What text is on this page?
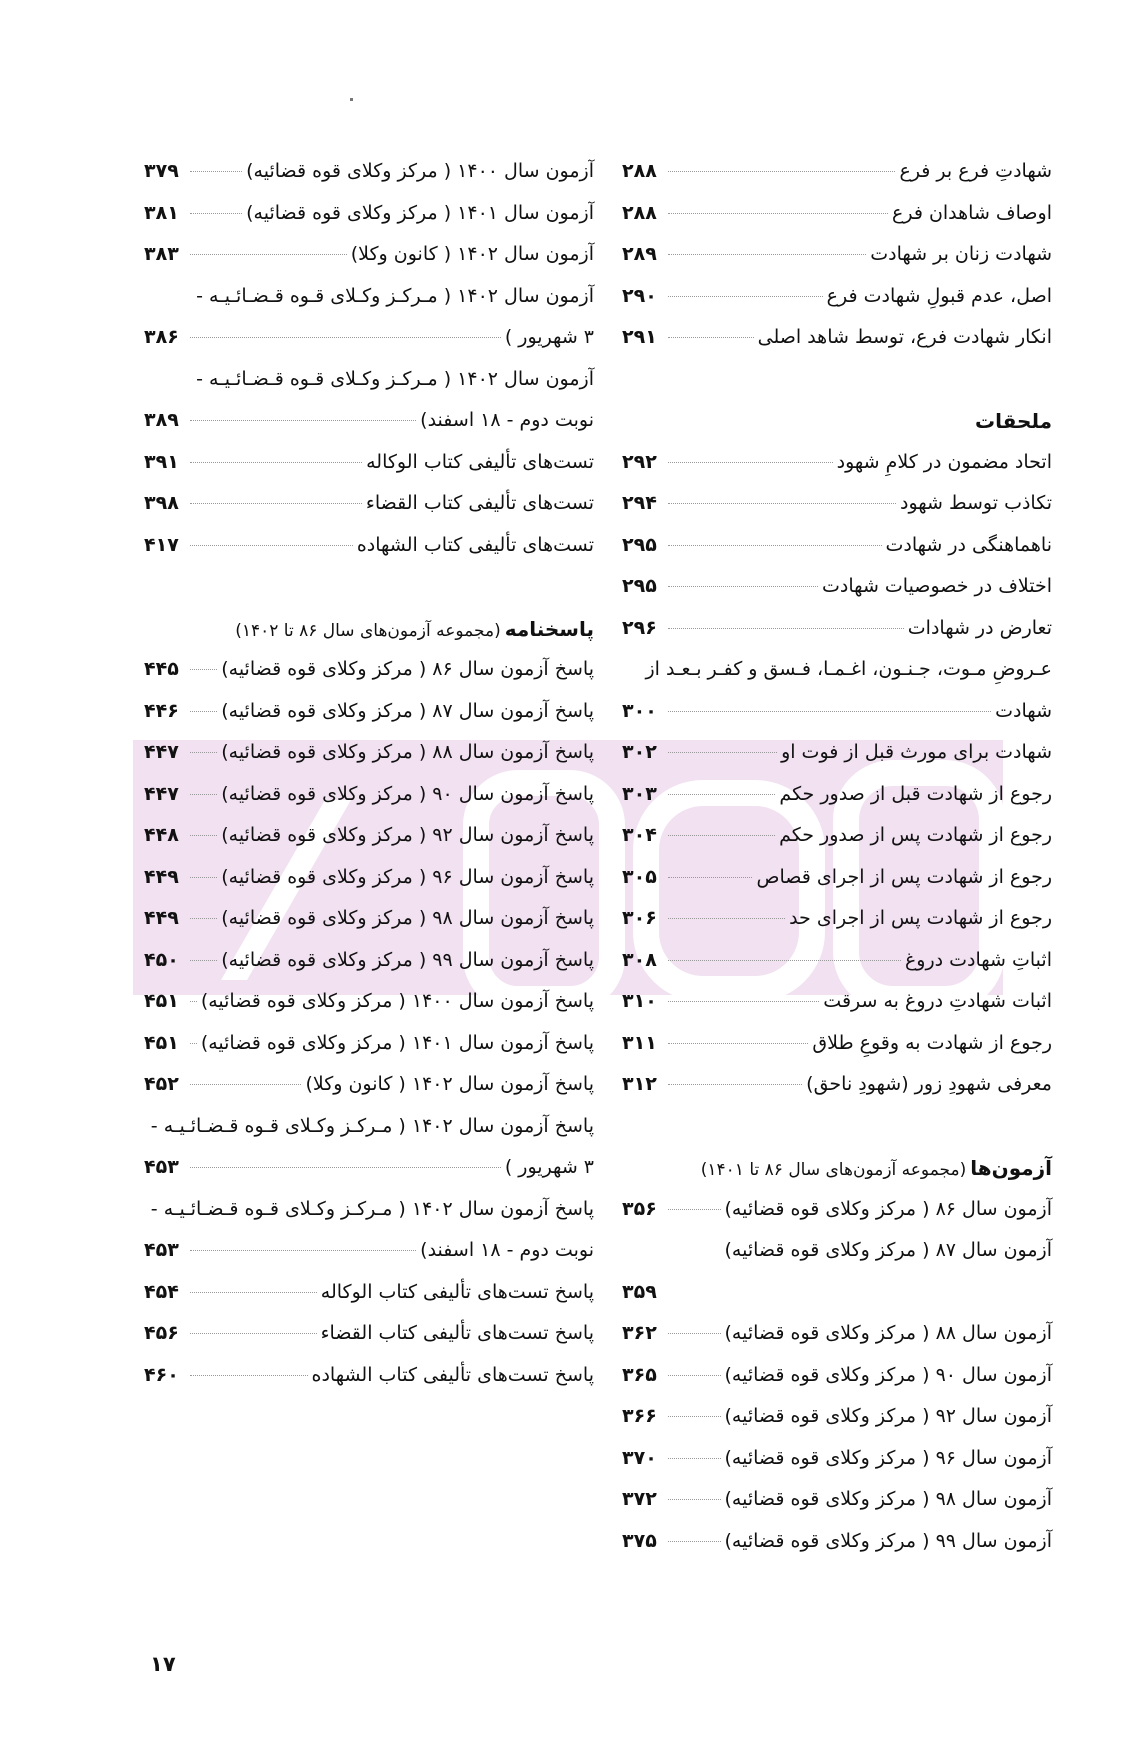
شهادتِ فرع بر فرع
۲۸۸
اوصاف شاهدان فرع
۲۸۸
شهادت زنان بر شهادت
۲۸۹
اصل، عدم قبولِ شهادت فرع
۲۹۰
انکار شهادت فرع، توسط شاهد اصلی
۲۹۱
ملحقات
اتحاد مضمون در کلامِ شهود
۲۹۲
تکاذب توسط شهود
۲۹۴
ناهماهنگی در شهادت
۲۹۵
اختلاف در خصوصیات شهادت
۲۹۵
تعارض در شهادات
۲۹۶
عـروضِ مـوت، جـنـون، اغـمـا، فـسق و کفـر بـعـد از
شهادت
۳۰۰
شهادت برای مورث قبل از فوت او
۳۰۲
رجوع از شهادت قبل از صدور حکم
۳۰۳
رجوع از شهادت پس از صدور حکم
۳۰۴
رجوع از شهادت پس از اجرای قصاص
۳۰۵
رجوع از شهادت پس از اجرای حد
۳۰۶
اثباتِ شهادت دروغ
۳۰۸
اثبات شهادتِ دروغ به سرقت
۳۱۰
رجوع از شهادت به وقوعِ طلاق
۳۱۱
معرفی شهودِ زور (شهودِ ناحق)
۳۱۲
آزمون‌ها
(مجموعه آزمون‌های سال ۸۶ تا ۱۴۰۱)
آزمون سال ۸۶ ( مرکز وکلای قوه قضائیه)
۳۵۶
آزمون سال ۸۷ ( مرکز وکلای قوه قضائیه)
۳۵۹
آزمون سال ۸۸ ( مرکز وکلای قوه قضائیه)
۳۶۲
آزمون سال ۹۰ ( مرکز وکلای قوه قضائیه)
۳۶۵
آزمون سال ۹۲ ( مرکز وکلای قوه قضائیه)
۳۶۶
آزمون سال ۹۶ ( مرکز وکلای قوه قضائیه)
۳۷۰
آزمون سال ۹۸ ( مرکز وکلای قوه قضائیه)
۳۷۲
آزمون سال ۹۹ ( مرکز وکلای قوه قضائیه)
۳۷۵
آزمون سال ۱۴۰۰ ( مرکز وکلای قوه قضائیه)
۳۷۹
آزمون سال ۱۴۰۱ ( مرکز وکلای قوه قضائیه)
۳۸۱
آزمون سال ۱۴۰۲ ( کانون وکلا)
۳۸۳
آزمون سال ۱۴۰۲ ( مـرکـز وکـلای قـوه قـضـائـیـه -
۳ شهریور )
۳۸۶
آزمون سال ۱۴۰۲ ( مـرکـز وکـلای قـوه قـضـائـیـه -
نوبت دوم - ۱۸ اسفند)
۳۸۹
تست‌های تألیفی کتاب الوکاله
۳۹۱
تست‌های تألیفی کتاب القضاء
۳۹۸
تست‌های تألیفی کتاب الشهاده
۴۱۷
پاسخنامه
(مجموعه آزمون‌های سال ۸۶ تا ۱۴۰۲)
پاسخ آزمون سال ۸۶ ( مرکز وکلای قوه قضائیه)
۴۴۵
پاسخ آزمون سال ۸۷ ( مرکز وکلای قوه قضائیه)
۴۴۶
پاسخ آزمون سال ۸۸ ( مرکز وکلای قوه قضائیه)
۴۴۷
پاسخ آزمون سال ۹۰ ( مرکز وکلای قوه قضائیه)
۴۴۷
پاسخ آزمون سال ۹۲ ( مرکز وکلای قوه قضائیه)
۴۴۸
پاسخ آزمون سال ۹۶ ( مرکز وکلای قوه قضائیه)
۴۴۹
پاسخ آزمون سال ۹۸ ( مرکز وکلای قوه قضائیه)
۴۴۹
پاسخ آزمون سال ۹۹ ( مرکز وکلای قوه قضائیه)
۴۵۰
پاسخ آزمون سال ۱۴۰۰ ( مرکز وکلای قوه قضائیه)
۴۵۱
پاسخ آزمون سال ۱۴۰۱ ( مرکز وکلای قوه قضائیه)
۴۵۱
پاسخ آزمون سال ۱۴۰۲ ( کانون وکلا)
۴۵۲
پاسخ آزمون سال ۱۴۰۲ ( مـرکـز وکـلای قـوه قـضـائـیـه -
۳ شهریور )
۴۵۳
پاسخ آزمون سال ۱۴۰۲ ( مـرکـز وکـلای قـوه قـضـائـیـه -
نوبت دوم - ۱۸ اسفند)
۴۵۳
پاسخ تست‌های تألیفی کتاب الوکاله
۴۵۴
پاسخ تست‌های تألیفی کتاب القضاء
۴۵۶
پاسخ تست‌های تألیفی کتاب الشهاده
۴۶۰
۱۷
